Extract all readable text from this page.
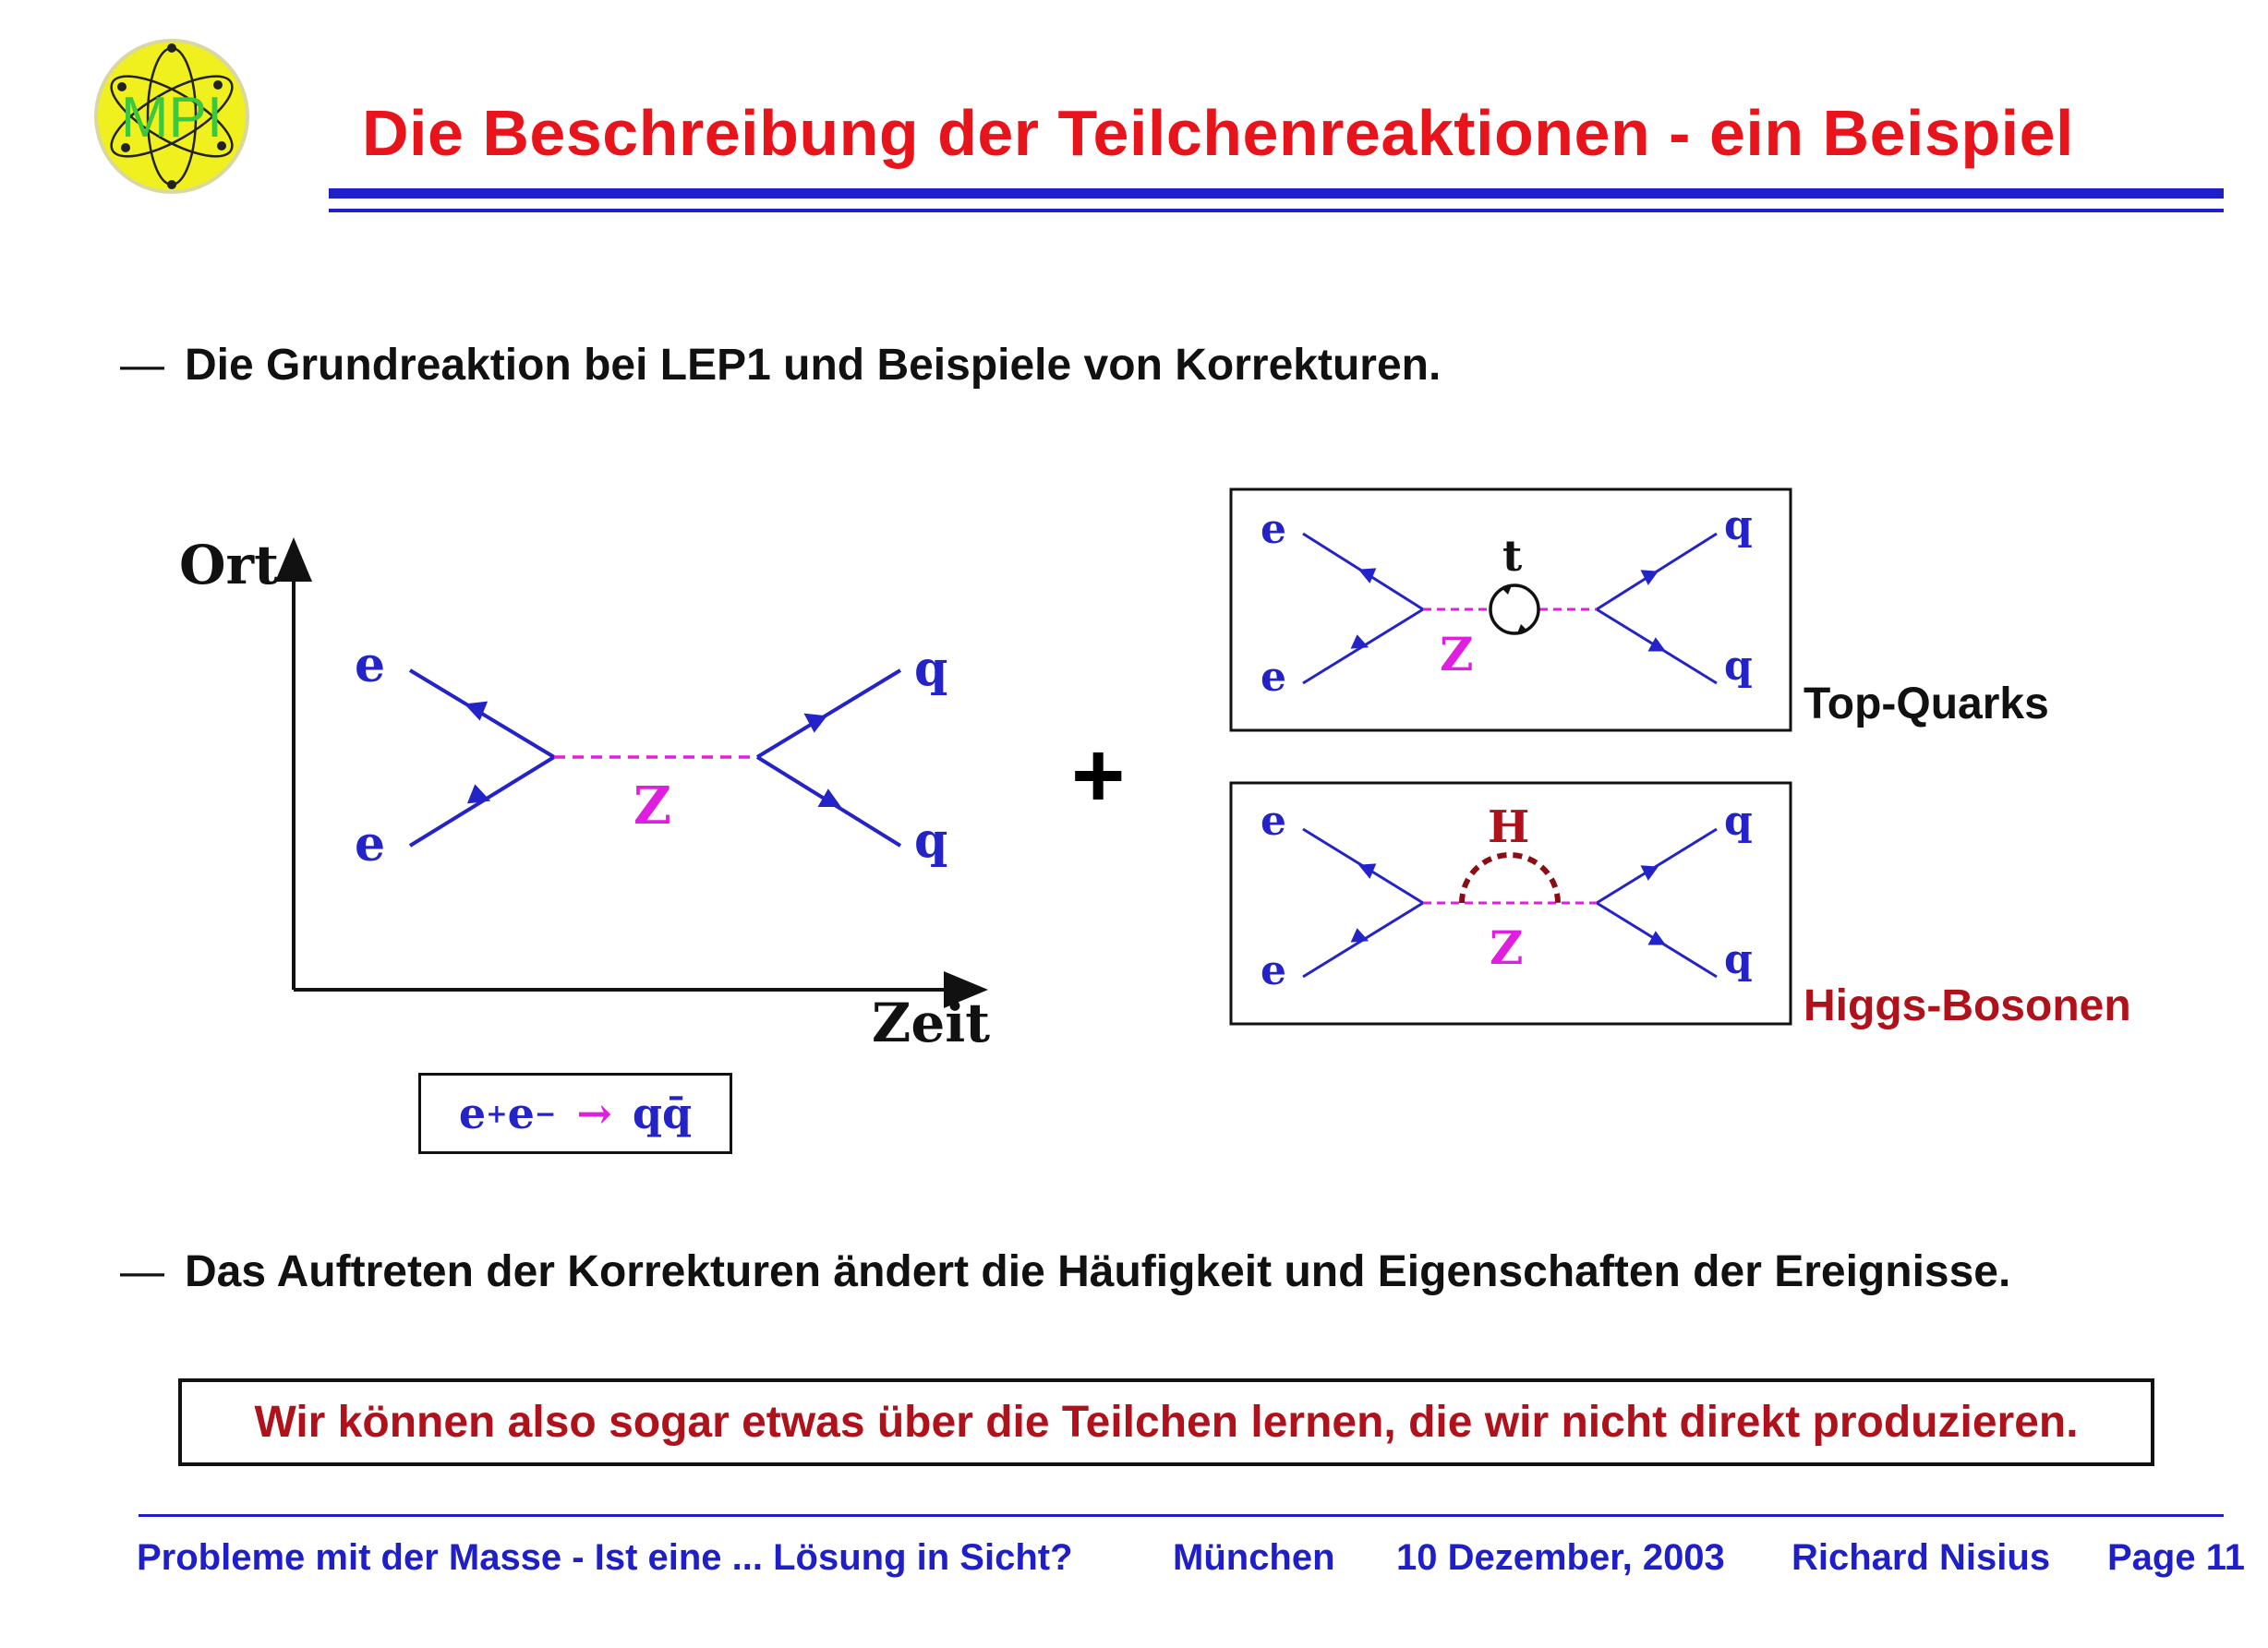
MPI Die Beschreibung der Teilchenreaktionen - ein Beispiel
— Die Grundreaktion bei LEP1 und Beispiele von Korrekturen.
Ort
Zeit
e
e
Z
q
q
e + e − → qq̄
+
e
e
t
Z
q
q
Top-Quarks
e
e
H
Z
q
q
Higgs-Bosonen
— Das Auftreten der Korrekturen ändert die Häufigkeit und Eigenschaften der Ereignisse.
Wir können also sogar etwas über die Teilchen lernen, die wir nicht direkt produzieren.
Probleme mit der Masse - Ist eine ... Lösung in Sicht?	München 10 Dezember, 2003 Richard Nisius Page 11
